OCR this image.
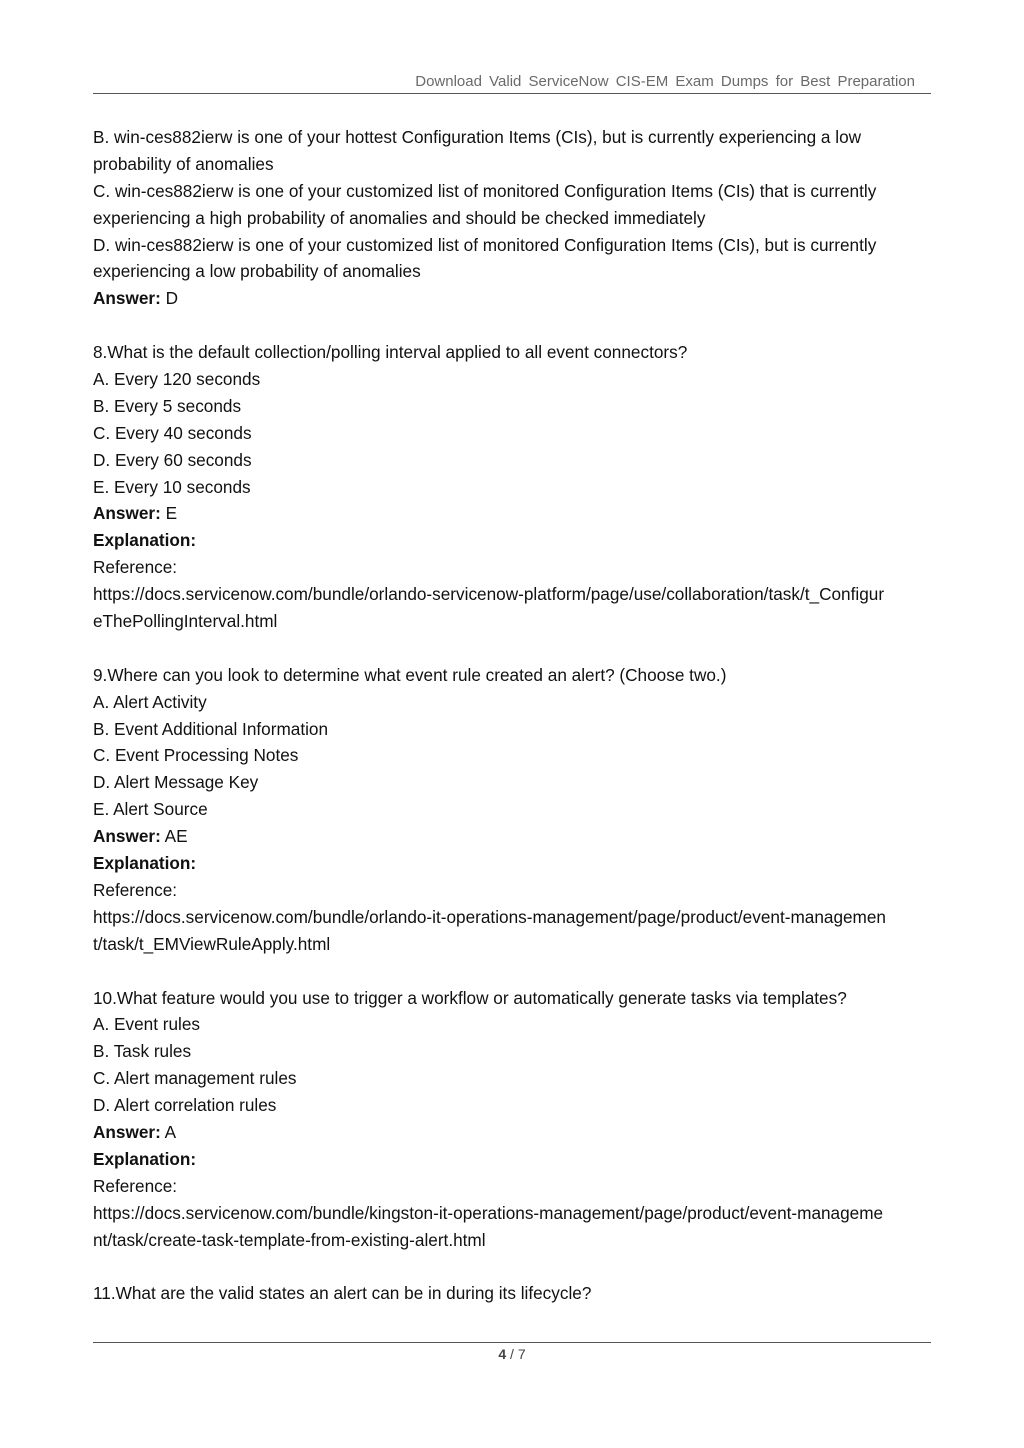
Download Valid ServiceNow CIS-EM Exam Dumps for Best Preparation
B. win-ces882ierw is one of your hottest Configuration Items (CIs), but is currently experiencing a low
probability of anomalies
C. win-ces882ierw is one of your customized list of monitored Configuration Items (CIs) that is currently
experiencing a high probability of anomalies and should be checked immediately
D. win-ces882ierw is one of your customized list of monitored Configuration Items (CIs), but is currently
experiencing a low probability of anomalies
Answer: D
8.What is the default collection/polling interval applied to all event connectors?
A. Every 120 seconds
B. Every 5 seconds
C. Every 40 seconds
D. Every 60 seconds
E. Every 10 seconds
Answer: E
Explanation:
Reference:
https://docs.servicenow.com/bundle/orlando-servicenow-platform/page/use/collaboration/task/t_Configur
eThePollingInterval.html
9.Where can you look to determine what event rule created an alert? (Choose two.)
A. Alert Activity
B. Event Additional Information
C. Event Processing Notes
D. Alert Message Key
E. Alert Source
Answer: AE
Explanation:
Reference:
https://docs.servicenow.com/bundle/orlando-it-operations-management/page/product/event-managemen
t/task/t_EMViewRuleApply.html
10.What feature would you use to trigger a workflow or automatically generate tasks via templates?
A. Event rules
B. Task rules
C. Alert management rules
D. Alert correlation rules
Answer: A
Explanation:
Reference:
https://docs.servicenow.com/bundle/kingston-it-operations-management/page/product/event-manageme
nt/task/create-task-template-from-existing-alert.html
11.What are the valid states an alert can be in during its lifecycle?
4 / 7
